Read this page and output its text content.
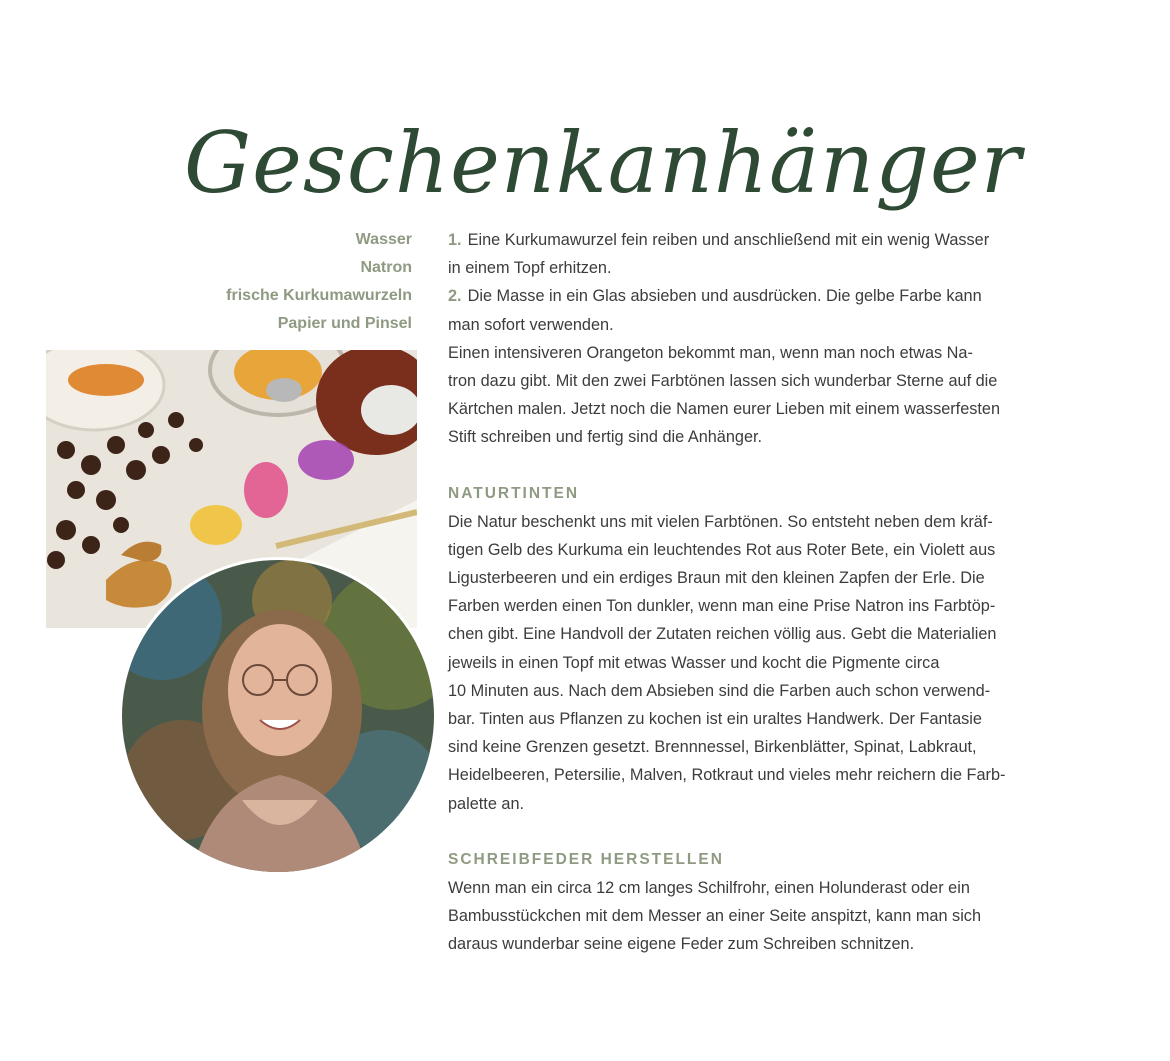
Geschenkanhänger
Wasser
Natron
frische Kurkumawurzeln
Papier und Pinsel
1. Eine Kurkumawurzel fein reiben und anschließend mit ein wenig Wasser
in einem Topf erhitzen.
2. Die Masse in ein Glas absieben und ausdrücken. Die gelbe Farbe kann
man sofort verwenden.
Einen intensiveren Orangeton bekommt man, wenn man noch etwas Na-
tron dazu gibt. Mit den zwei Farbtönen lassen sich wunderbar Sterne auf die
Kärtchen malen. Jetzt noch die Namen eurer Lieben mit einem wasserfesten
Stift schreiben und fertig sind die Anhänger.
NATURTINTEN
Die Natur beschenkt uns mit vielen Farbtönen. So entsteht neben dem kräf-
tigen Gelb des Kurkuma ein leuchtendes Rot aus Roter Bete, ein Violett aus
Ligusterbeeren und ein erdiges Braun mit den kleinen Zapfen der Erle. Die
Farben werden einen Ton dunkler, wenn man eine Prise Natron ins Farbtöp-
chen gibt. Eine Handvoll der Zutaten reichen völlig aus. Gebt die Materialien
jeweils in einen Topf mit etwas Wasser und kocht die Pigmente circa
10 Minuten aus. Nach dem Absieben sind die Farben auch schon verwend-
bar. Tinten aus Pflanzen zu kochen ist ein uraltes Handwerk. Der Fantasie
sind keine Grenzen gesetzt. Brennnessel, Birkenblätter, Spinat, Labkraut,
Heidelbeeren, Petersilie, Malven, Rotkraut und vieles mehr reichern die Farb-
palette an.
SCHREIBFEDER HERSTELLEN
Wenn man ein circa 12 cm langes Schilfrohr, einen Holunderast oder ein
Bambusstückchen mit dem Messer an einer Seite anspitzt, kann man sich
daraus wunderbar seine eigene Feder zum Schreiben schnitzen.
